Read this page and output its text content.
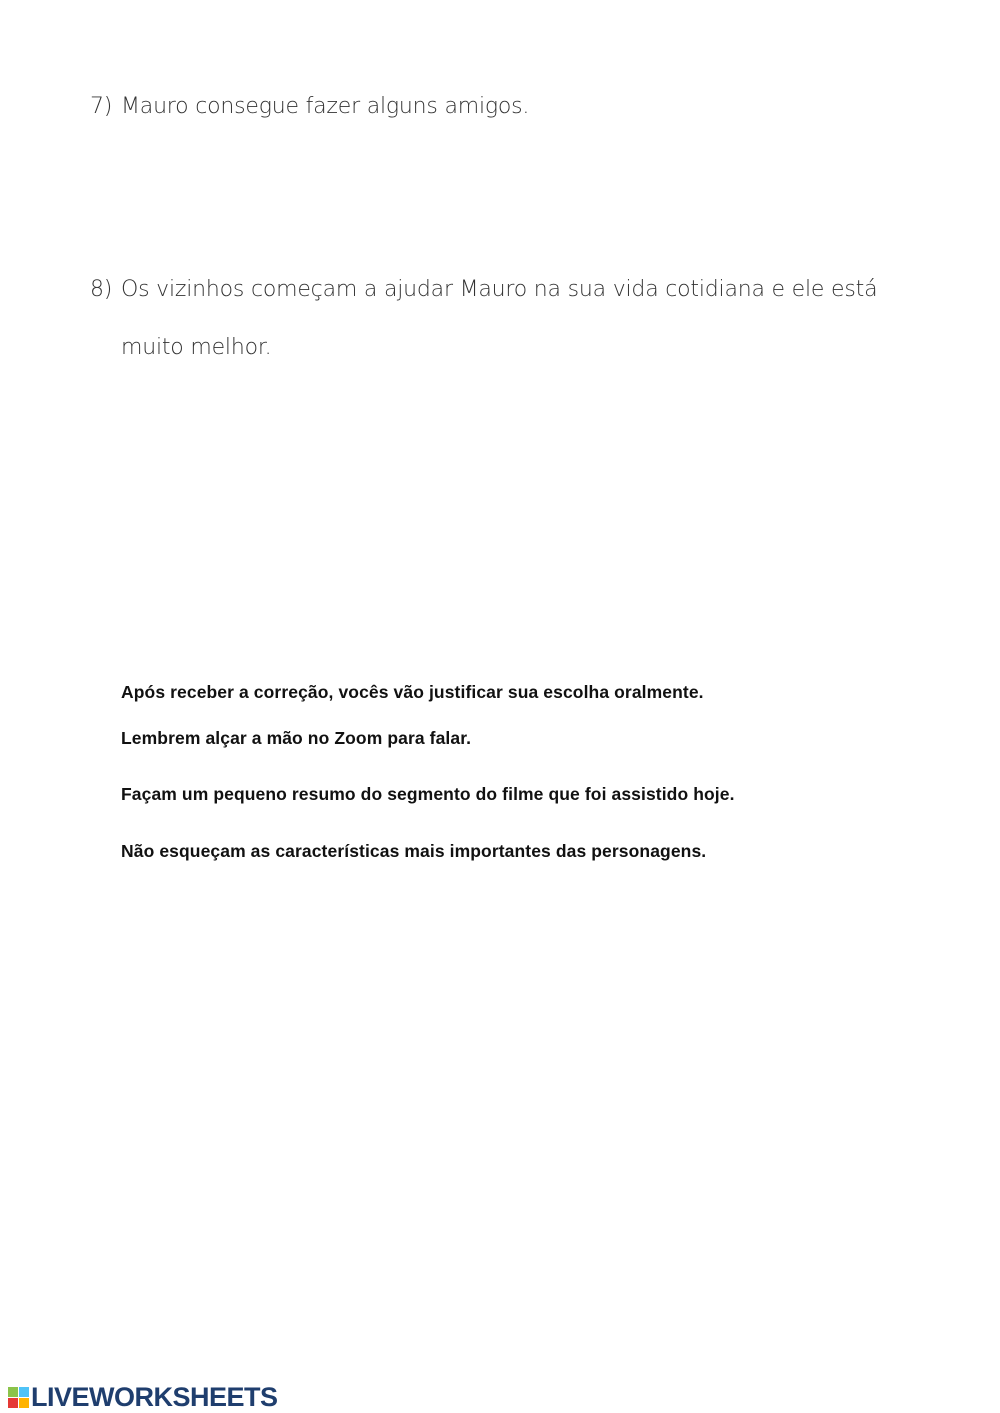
7) Mauro consegue fazer alguns amigos.
8) Os vizinhos começam a ajudar Mauro na sua vida cotidiana e ele está
muito melhor.
Após receber a correção, vocês vão justificar sua escolha oralmente.
Lembrem alçar a mão no Zoom para falar.
Façam um pequeno resumo do segmento do filme que foi assistido hoje.
Não esqueçam as características mais importantes das personagens.
LIVEWORKSHEETS
